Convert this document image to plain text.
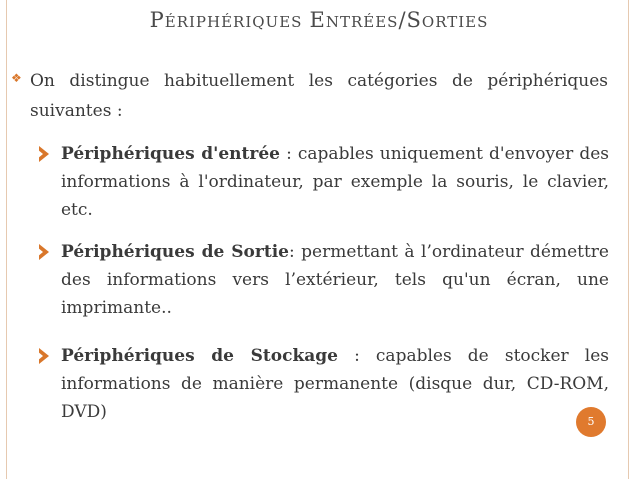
PÉRIPHÉRIQUES ENTRÉES/SORTIES
❖ On distingue habituellement les catégories de périphériques suivantes :
Périphériques d'entrée : capables uniquement d'envoyer des informations à l'ordinateur, par exemple la souris, le clavier, etc.
Périphériques de Sortie: permettant à l’ordinateur démettre des informations vers l’extérieur, tels qu'un écran, une imprimante..
Périphériques de Stockage : capables de stocker les informations de manière permanente (disque dur, CD-ROM, DVD)	5
